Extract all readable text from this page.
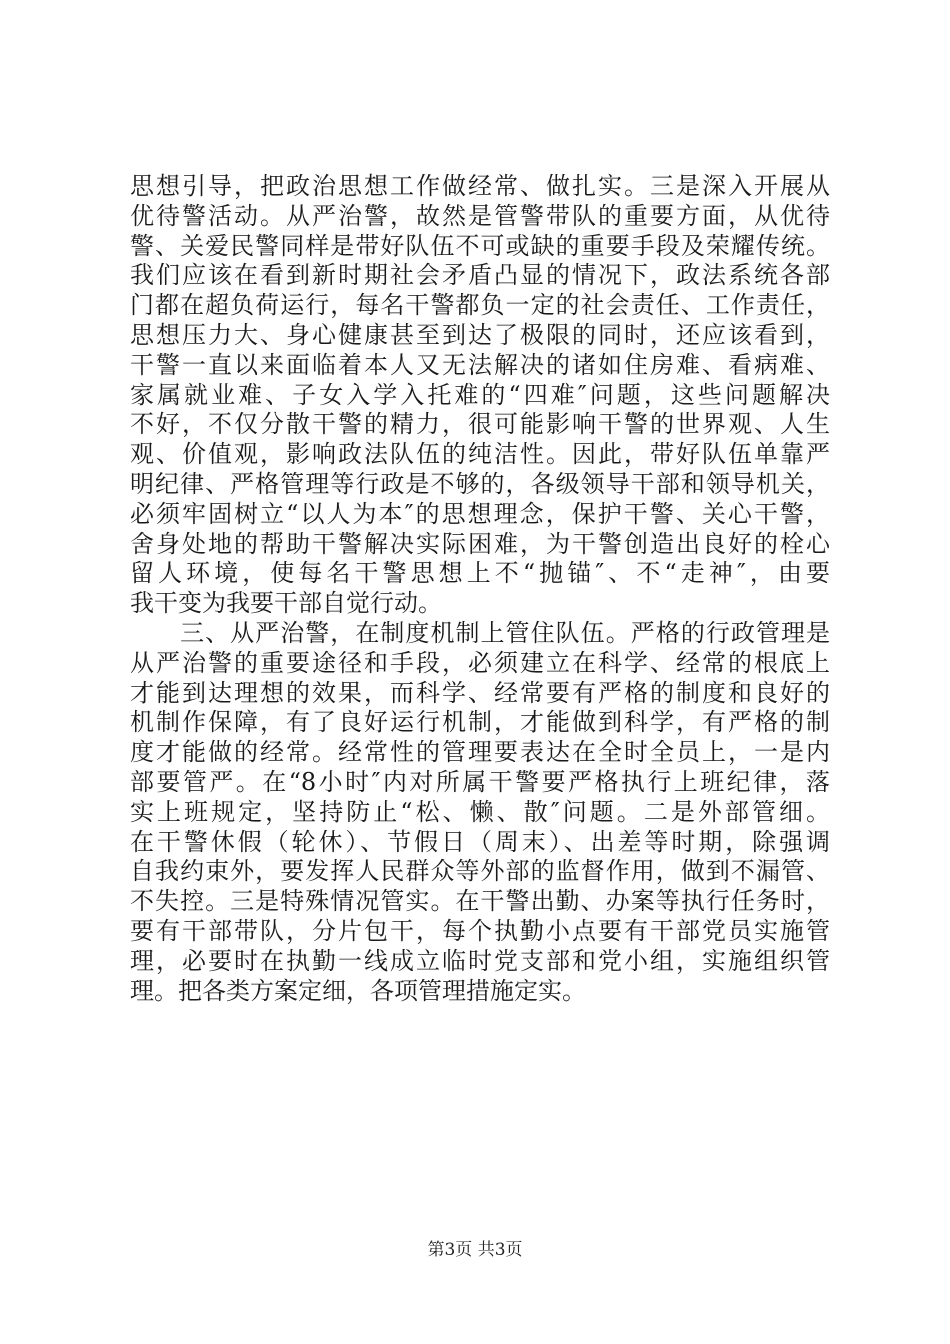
思想引导，把政治思想工作做经常、做扎实。三是深入开展从
优待警活动。从严治警，故然是管警带队的重要方面，从优待
警、关爱民警同样是带好队伍不可或缺的重要手段及荣耀传统。
我们应该在看到新时期社会矛盾凸显的情况下，政法系统各部
门都在超负荷运行，每名干警都负一定的社会责任、工作责任，
思想压力大、身心健康甚至到达了极限的同时，还应该看到，
干警一直以来面临着本人又无法解决的诸如住房难、看病难、
家属就业难、子女入学入托难的“四难″问题，这些问题解决
不好，不仅分散干警的精力，很可能影响干警的世界观、人生
观、价值观，影响政法队伍的纯洁性。因此，带好队伍单靠严
明纪律、严格管理等行政是不够的，各级领导干部和领导机关，
必须牢固树立“以人为本″的思想理念，保护干警、关心干警，
舍身处地的帮助干警解决实际困难，为干警创造出良好的栓心
留人环境，使每名干警思想上不“抛锚″、不“走神″，由要
我干变为我要干部自觉行动。
　　三、从严治警，在制度机制上管住队伍。严格的行政管理是
从严治警的重要途径和手段，必须建立在科学、经常的根底上
才能到达理想的效果，而科学、经常要有严格的制度和良好的
机制作保障，有了良好运行机制，才能做到科学，有严格的制
度才能做的经常。经常性的管理要表达在全时全员上，一是内
部要管严。在“8小时″内对所属干警要严格执行上班纪律，落
实上班规定，坚持防止“松、懒、散″问题。二是外部管细。
在干警休假（轮休）、节假日（周末）、出差等时期，除强调
自我约束外，要发挥人民群众等外部的监督作用，做到不漏管、
不失控。三是特殊情况管实。在干警出勤、办案等执行任务时，
要有干部带队，分片包干，每个执勤小点要有干部党员实施管
理，必要时在执勤一线成立临时党支部和党小组，实施组织管
理。把各类方案定细，各项管理措施定实。
第3页 共3页
